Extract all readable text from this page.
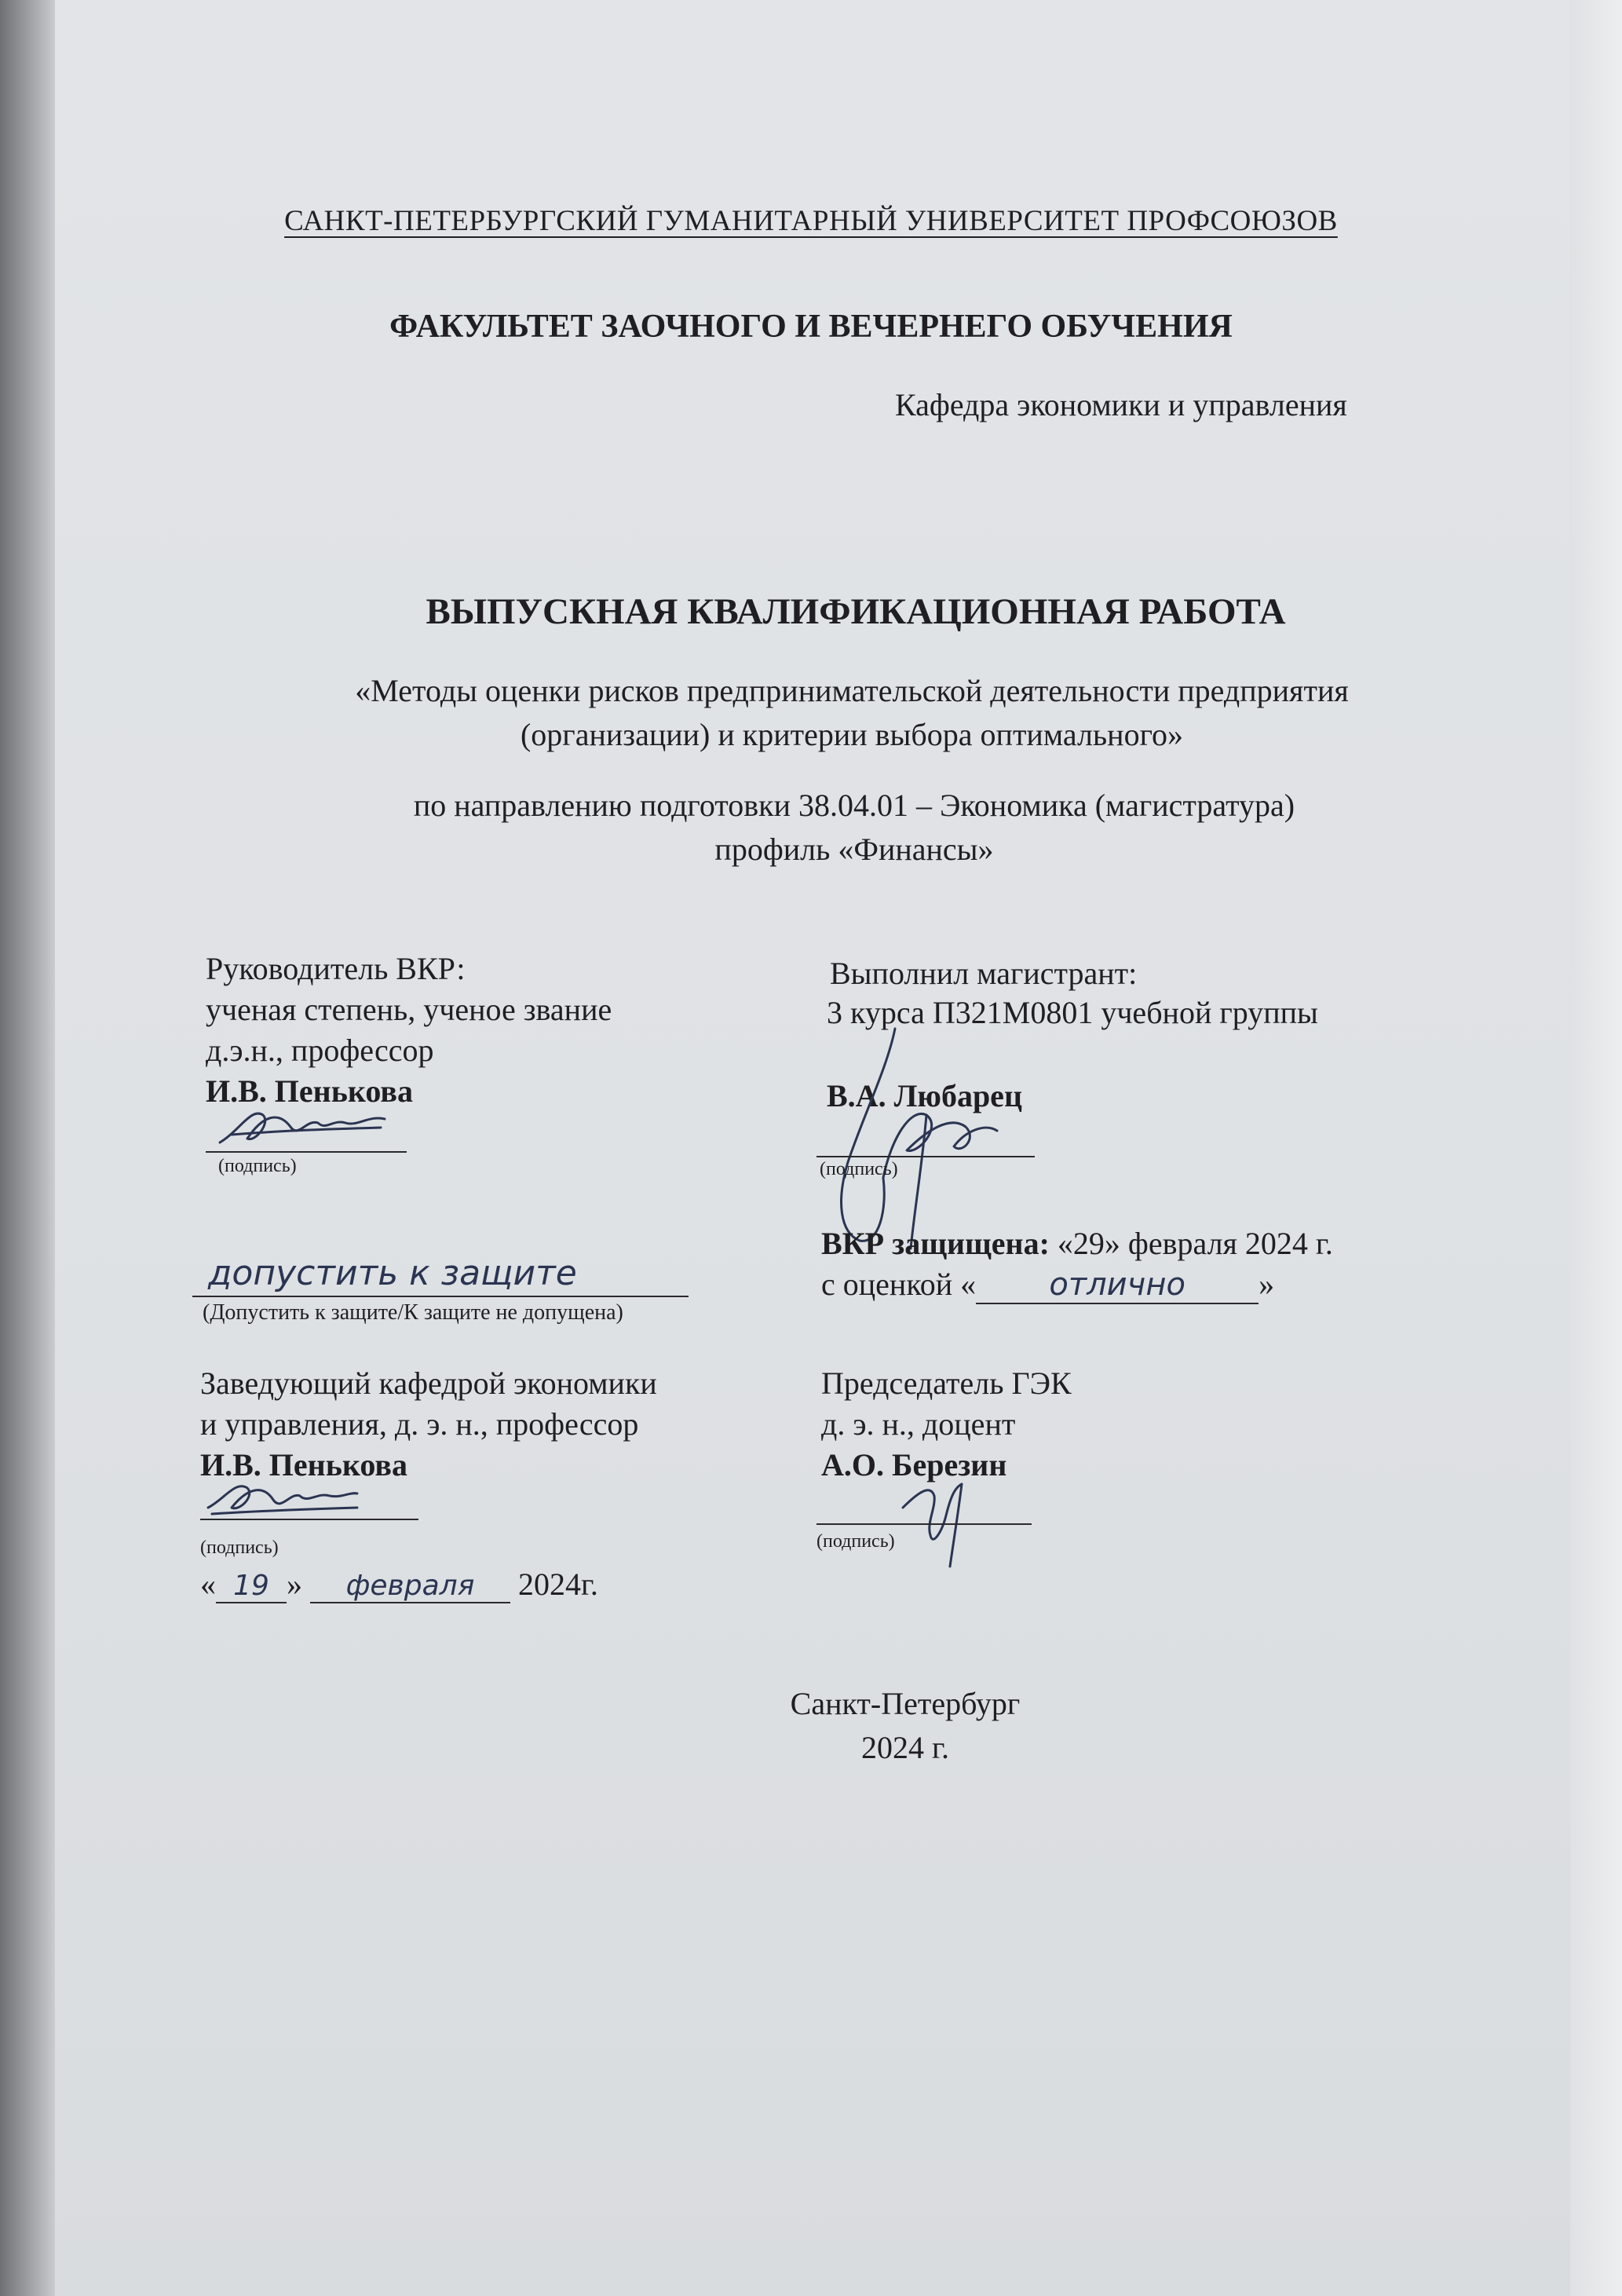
САНКТ-ПЕТЕРБУРГСКИЙ ГУМАНИТАРНЫЙ УНИВЕРСИТЕТ ПРОФСОЮЗОВ
ФАКУЛЬТЕТ ЗАОЧНОГО И ВЕЧЕРНЕГО ОБУЧЕНИЯ
Кафедра экономики и управления
ВЫПУСКНАЯ КВАЛИФИКАЦИОННАЯ РАБОТА
«Методы оценки рисков предпринимательской деятельности предприятия
(организации) и критерии выбора оптимального»
по направлению подготовки 38.04.01 – Экономика (магистратура)
профиль «Финансы»
Руководитель ВКР:
ученая степень, ученое звание
д.э.н., профессор
И.В. Пенькова
(подпись)
Выполнил магистрант:
3 курса П321М0801 учебной группы
В.А. Любарец
(подпись)
допустить к защите
(Допустить к защите/К защите не допущена)
ВКР защищена: «29» февраля 2024 г.
с оценкой « отлично »
Заведующий кафедрой экономики
и управления, д. э. н., профессор
И.В. Пенькова
(подпись)
« 19 » февраля 2024г.
Председатель ГЭК
д. э. н., доцент
А.О. Березин
(подпись)
Санкт-Петербург
2024 г.
